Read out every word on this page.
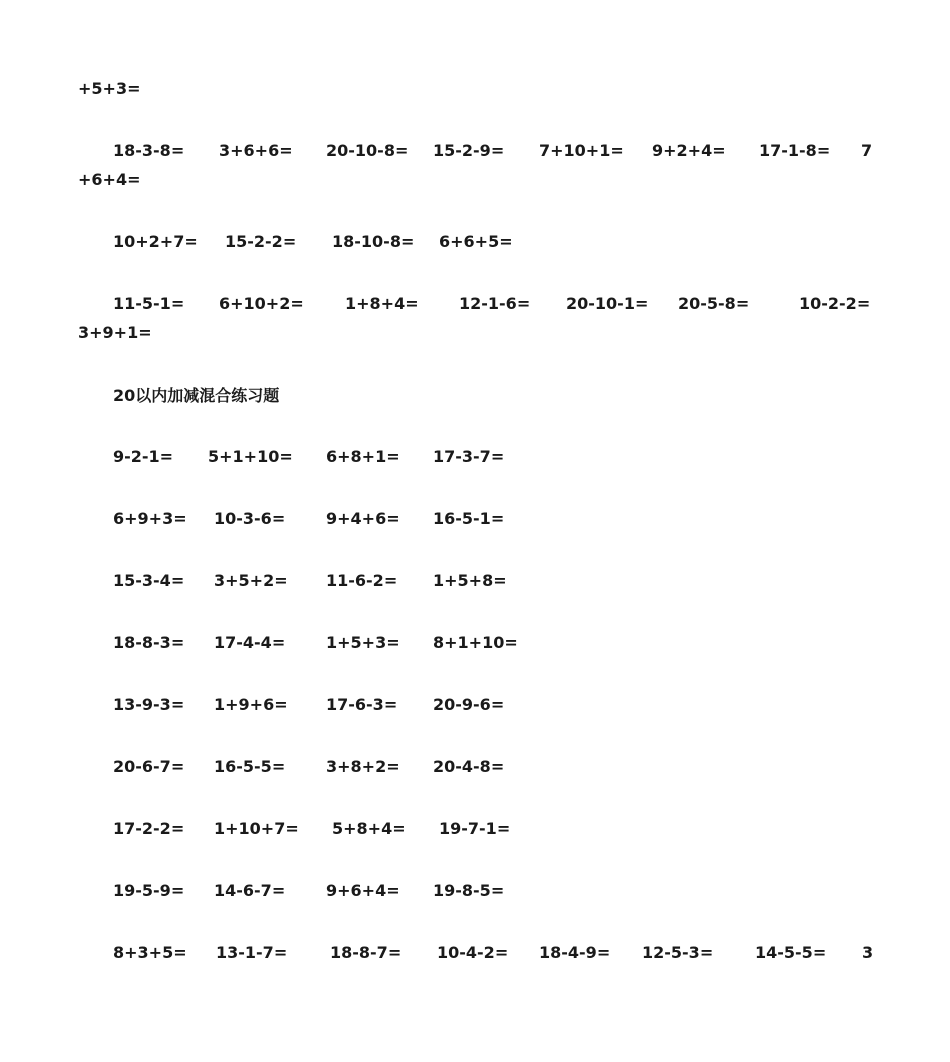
+5+3=
18-3-8= 3+6+6= 20-10-8= 15-2-9= 7+10+1= 9+2+4= 17-1-8= 7
+6+4=
10+2+7= 15-2-2= 18-10-8= 6+6+5=
11-5-1= 6+10+2=	1+8+4=	12-1-6= 20-10-1= 20-5-8=	10-2-2=
3+9+1=
20以内加减混合练习题
9-2-1= 5+1+10= 6+8+1= 17-3-7=
6+9+3= 10-3-6=	9+4+6= 16-5-1=
15-3-4= 3+5+2= 11-6-2= 1+5+8=
18-8-3= 17-4-4=	1+5+3= 8+1+10=
13-9-3= 1+9+6= 17-6-3= 20-9-6=
20-6-7= 16-5-5=	3+8+2= 20-4-8=
17-2-2= 1+10+7= 5+8+4= 19-7-1=
19-5-9= 14-6-7=	9+6+4= 19-8-5=
8+3+5= 13-1-7=	18-8-7= 10-4-2= 18-4-9= 12-5-3=	14-5-5= 3
